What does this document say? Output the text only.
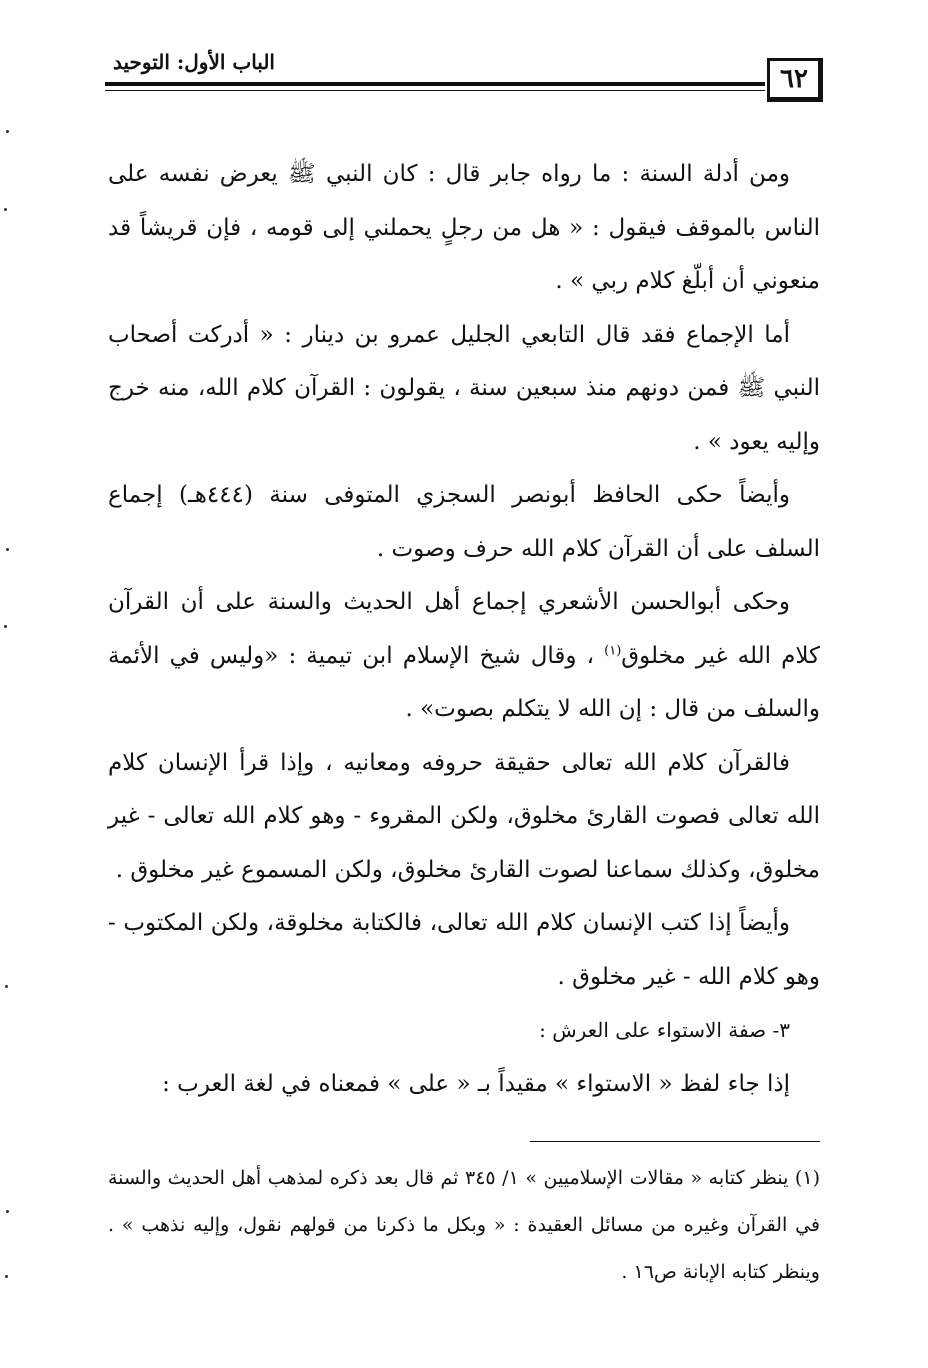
الباب الأول: التوحيد
٦٢

ومن أدلة السنة : ما رواه جابر قال : كان النبي ﷺ يعرض نفسه على الناس بالموقف فيقول : « هل من رجلٍ يحملني إلى قومه ، فإن قريشاً قد منعوني أن أبلّغ كلام ربي » .

أما الإجماع فقد قال التابعي الجليل عمرو بن دينار : « أدركت أصحاب النبي ﷺ فمن دونهم منذ سبعين سنة ، يقولون : القرآن كلام الله، منه خرج وإليه يعود » .

وأيضاً حكى الحافظ أبونصر السجزي المتوفى سنة (٤٤٤هـ) إجماع السلف على أن القرآن كلام الله حرف وصوت .

وحكى أبوالحسن الأشعري إجماع أهل الحديث والسنة على أن القرآن كلام الله غير مخلوق$^{(١)}$ ، وقال شيخ الإسلام ابن تيمية : «وليس في الأئمة والسلف من قال : إن الله لا يتكلم بصوت» .

فالقرآن كلام الله تعالى حقيقة حروفه ومعانيه ، وإذا قرأ الإنسان كلام الله تعالى فصوت القارئ مخلوق، ولكن المقروء - وهو كلام الله تعالى - غير مخلوق، وكذلك سماعنا لصوت القارئ مخلوق، ولكن المسموع غير مخلوق .

وأيضاً إذا كتب الإنسان كلام الله تعالى، فالكتابة مخلوقة، ولكن المكتوب - وهو كلام الله - غير مخلوق .

٣- صفة الاستواء على العرش :

إذا جاء لفظ « الاستواء » مقيداً بـ « على » فمعناه في لغة العرب :

(١) ينظر كتابه « مقالات الإسلاميين » ١/ ٣٤٥ ثم قال بعد ذكره لمذهب أهل الحديث والسنة في القرآن وغيره من مسائل العقيدة : « وبكل ما ذكرنا من قولهم نقول، وإليه نذهب » . وينظر كتابه الإبانة ص١٦ .
